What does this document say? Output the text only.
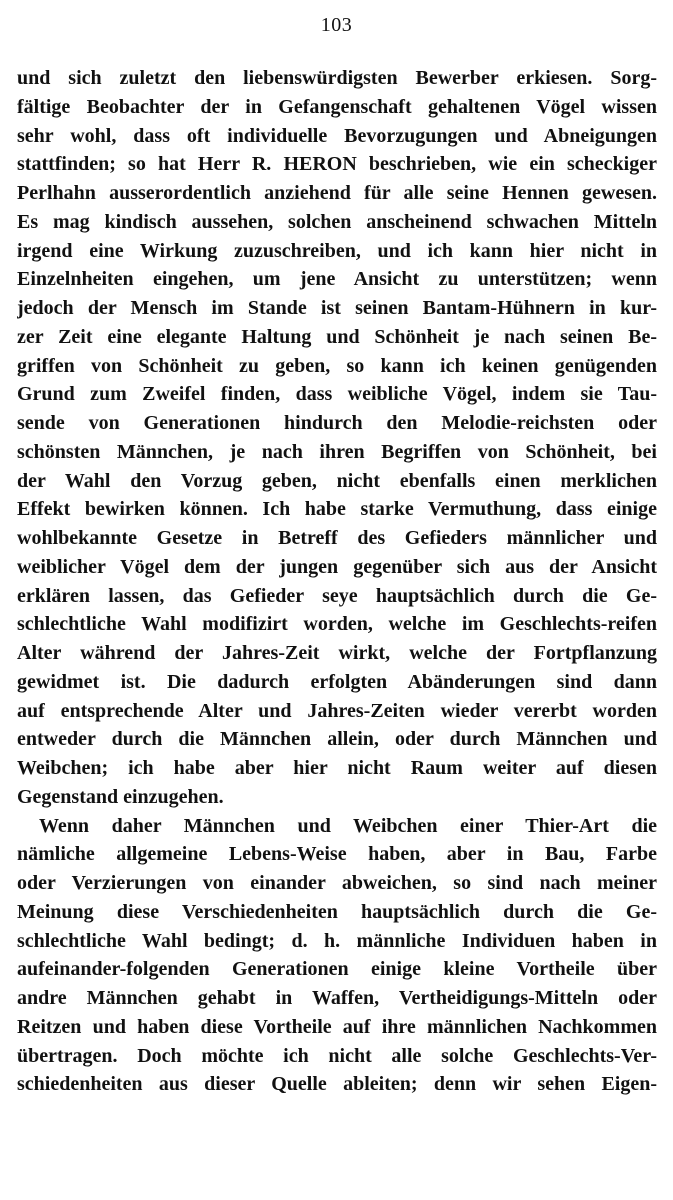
103
und sich zuletzt den liebenswürdigsten Bewerber erkiesen. Sorg-
fältige Beobachter der in Gefangenschaft gehaltenen Vögel wissen
sehr wohl, dass oft individuelle Bevorzugungen und Abneigungen
stattfinden; so hat Herr R. HERON beschrieben, wie ein scheckiger
Perlhahn ausserordentlich anziehend für alle seine Hennen gewesen.
Es mag kindisch aussehen, solchen anscheinend schwachen Mitteln
irgend eine Wirkung zuzuschreiben, und ich kann hier nicht in
Einzelnheiten eingehen, um jene Ansicht zu unterstützen; wenn
jedoch der Mensch im Stande ist seinen Bantam-Hühnern in kur-
zer Zeit eine elegante Haltung und Schönheit je nach seinen Be-
griffen von Schönheit zu geben, so kann ich keinen genügenden
Grund zum Zweifel finden, dass weibliche Vögel, indem sie Tau-
sende von Generationen hindurch den Melodie-reichsten oder
schönsten Männchen, je nach ihren Begriffen von Schönheit, bei
der Wahl den Vorzug geben, nicht ebenfalls einen merklichen
Effekt bewirken können. Ich habe starke Vermuthung, dass einige
wohlbekannte Gesetze in Betreff des Gefieders männlicher und
weiblicher Vögel dem der jungen gegenüber sich aus der Ansicht
erklären lassen, das Gefieder seye hauptsächlich durch die Ge-
schlechtliche Wahl modifizirt worden, welche im Geschlechts-reifen
Alter während der Jahres-Zeit wirkt, welche der Fortpflanzung
gewidmet ist. Die dadurch erfolgten Abänderungen sind dann
auf entsprechende Alter und Jahres-Zeiten wieder vererbt worden
entweder durch die Männchen allein, oder durch Männchen und
Weibchen; ich habe aber hier nicht Raum weiter auf diesen
Gegenstand einzugehen.
Wenn daher Männchen und Weibchen einer Thier-Art die
nämliche allgemeine Lebens-Weise haben, aber in Bau, Farbe
oder Verzierungen von einander abweichen, so sind nach meiner
Meinung diese Verschiedenheiten hauptsächlich durch die Ge-
schlechtliche Wahl bedingt; d. h. männliche Individuen haben in
aufeinander-folgenden Generationen einige kleine Vortheile über
andre Männchen gehabt in Waffen, Vertheidigungs-Mitteln oder
Reitzen und haben diese Vortheile auf ihre männlichen Nachkommen
übertragen. Doch möchte ich nicht alle solche Geschlechts-Ver-
schiedenheiten aus dieser Quelle ableiten; denn wir sehen Eigen-
